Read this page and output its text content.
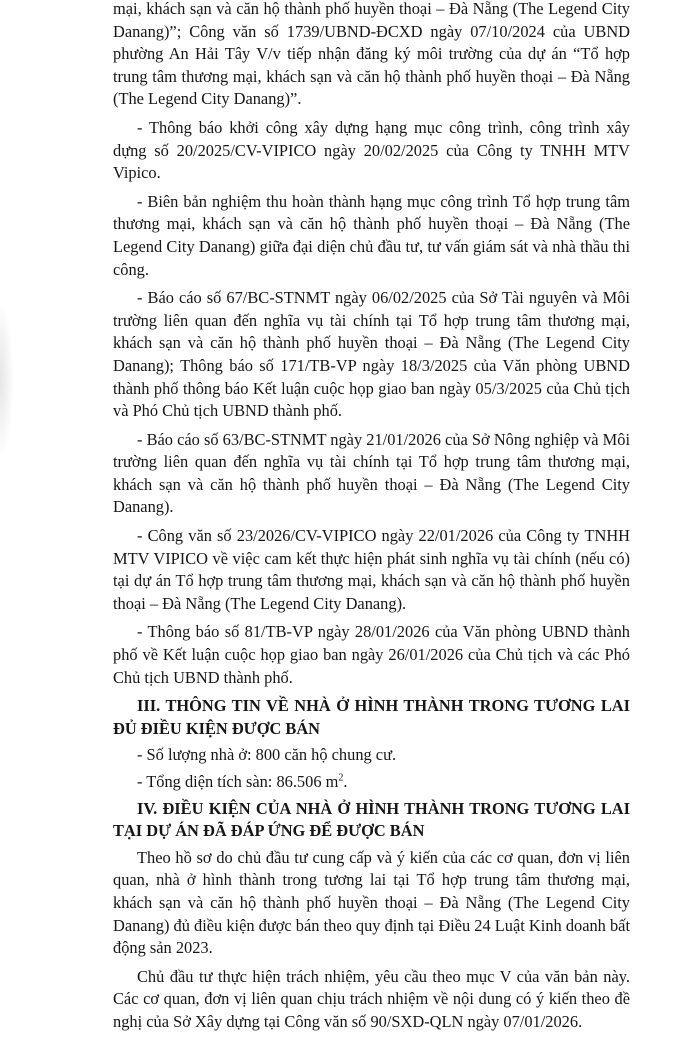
mại, khách sạn và căn hộ thành phố huyền thoại – Đà Nẵng (The Legend City Danang)”; Công văn số 1739/UBND-ĐCXD ngày 07/10/2024 của UBND phường An Hải Tây V/v tiếp nhận đăng ký môi trường của dự án “Tổ hợp trung tâm thương mại, khách sạn và căn hộ thành phố huyền thoại – Đà Nẵng (The Legend City Danang)”.

- Thông báo khởi công xây dựng hạng mục công trình, công trình xây dựng số 20/2025/CV-VIPICO ngày 20/02/2025 của Công ty TNHH MTV Vipico.

- Biên bản nghiệm thu hoàn thành hạng mục công trình Tổ hợp trung tâm thương mại, khách sạn và căn hộ thành phố huyền thoại – Đà Nẵng (The Legend City Danang) giữa đại diện chủ đầu tư, tư vấn giám sát và nhà thầu thi công.

- Báo cáo số 67/BC-STNMT ngày 06/02/2025 của Sở Tài nguyên và Môi trường liên quan đến nghĩa vụ tài chính tại Tổ hợp trung tâm thương mại, khách sạn và căn hộ thành phố huyền thoại – Đà Nẵng (The Legend City Danang); Thông báo số 171/TB-VP ngày 18/3/2025 của Văn phòng UBND thành phố thông báo Kết luận cuộc họp giao ban ngày 05/3/2025 của Chủ tịch và Phó Chủ tịch UBND thành phố.

- Báo cáo số 63/BC-STNMT ngày 21/01/2026 của Sở Nông nghiệp và Môi trường liên quan đến nghĩa vụ tài chính tại Tổ hợp trung tâm thương mại, khách sạn và căn hộ thành phố huyền thoại – Đà Nẵng (The Legend City Danang).

- Công văn số 23/2026/CV-VIPICO ngày 22/01/2026 của Công ty TNHH MTV VIPICO về việc cam kết thực hiện phát sinh nghĩa vụ tài chính (nếu có) tại dự án Tổ hợp trung tâm thương mại, khách sạn và căn hộ thành phố huyền thoại – Đà Nẵng (The Legend City Danang).

- Thông báo số 81/TB-VP ngày 28/01/2026 của Văn phòng UBND thành phố về Kết luận cuộc họp giao ban ngày 26/01/2026 của Chủ tịch và các Phó Chủ tịch UBND thành phố.

III. THÔNG TIN VỀ NHÀ Ở HÌNH THÀNH TRONG TƯƠNG LAI ĐỦ ĐIỀU KIỆN ĐƯỢC BÁN

- Số lượng nhà ở: 800 căn hộ chung cư.

- Tổng diện tích sàn: 86.506 $m^2$.

IV. ĐIỀU KIỆN CỦA NHÀ Ở HÌNH THÀNH TRONG TƯƠNG LAI TẠI DỰ ÁN ĐÃ ĐÁP ỨNG ĐỂ ĐƯỢC BÁN

Theo hồ sơ do chủ đầu tư cung cấp và ý kiến của các cơ quan, đơn vị liên quan, nhà ở hình thành trong tương lai tại Tổ hợp trung tâm thương mại, khách sạn và căn hộ thành phố huyền thoại – Đà Nẵng (The Legend City Danang) đủ điều kiện được bán theo quy định tại Điều 24 Luật Kinh doanh bất động sản 2023.

Chủ đầu tư thực hiện trách nhiệm, yêu cầu theo mục V của văn bản này. Các cơ quan, đơn vị liên quan chịu trách nhiệm về nội dung có ý kiến theo đề nghị của Sở Xây dựng tại Công văn số 90/SXD-QLN ngày 07/01/2026.
